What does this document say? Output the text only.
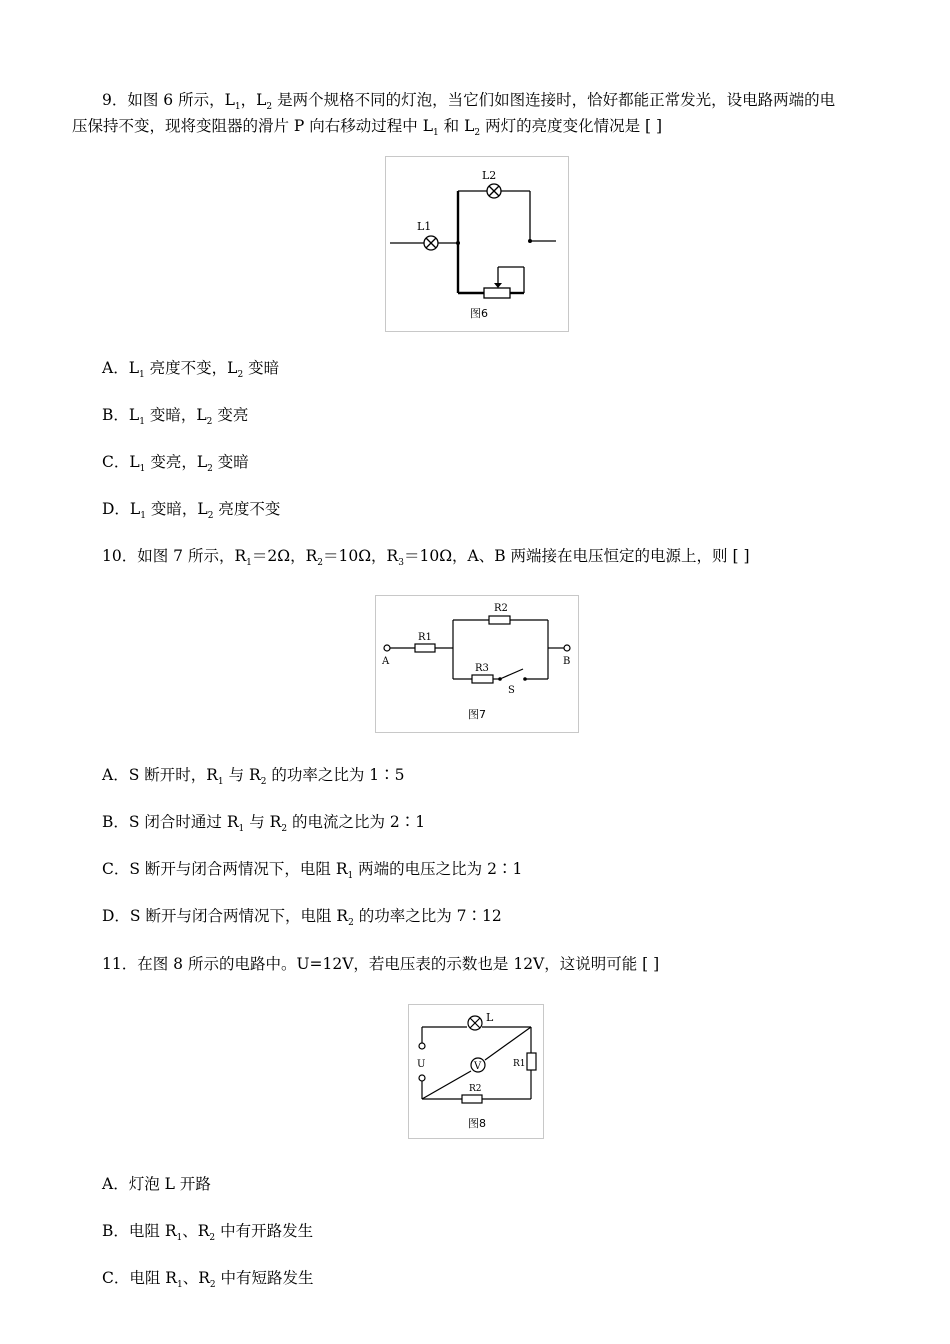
9．如图 6 所示，$L_1$，$L_2$ 是两个规格不同的灯泡，当它们如图连接时，恰好都能正常发光，设电路两端的电
压保持不变，现将变阻器的滑片 P 向右移动过程中 $L_1$ 和 $L_2$ 两灯的亮度变化情况是 [ ]
L2
L1
图6
A．$L_1$ 亮度不变，$L_2$ 变暗
B．$L_1$ 变暗，$L_2$ 变亮
C．$L_1$ 变亮，$L_2$ 变暗
D．$L_1$ 变暗，$L_2$ 亮度不变
10．如图 7 所示，$R_1=2\Omega$，$R_2=10\Omega$，$R_3=10\Omega$，A、B 两端接在电压恒定的电源上，则 [ ]
R1
R2
R3
A	B
S
图7
A．S 断开时，$R_1$ 与 $R_2$ 的功率之比为 1∶5
B．S 闭合时通过 $R_1$ 与 $R_2$ 的电流之比为 2∶1
C．S 断开与闭合两情况下，电阻 $R_1$ 两端的电压之比为 2∶1
D．S 断开与闭合两情况下，电阻 $R_2$ 的功率之比为 7∶12
11．在图 8 所示的电路中。U=12V，若电压表的示数也是 12V，这说明可能 [ ]
V
L
U	R1
R2
图8
A．灯泡 L 开路
B．电阻 $R_1$、$R_2$ 中有开路发生
C．电阻 $R_1$、$R_2$ 中有短路发生
